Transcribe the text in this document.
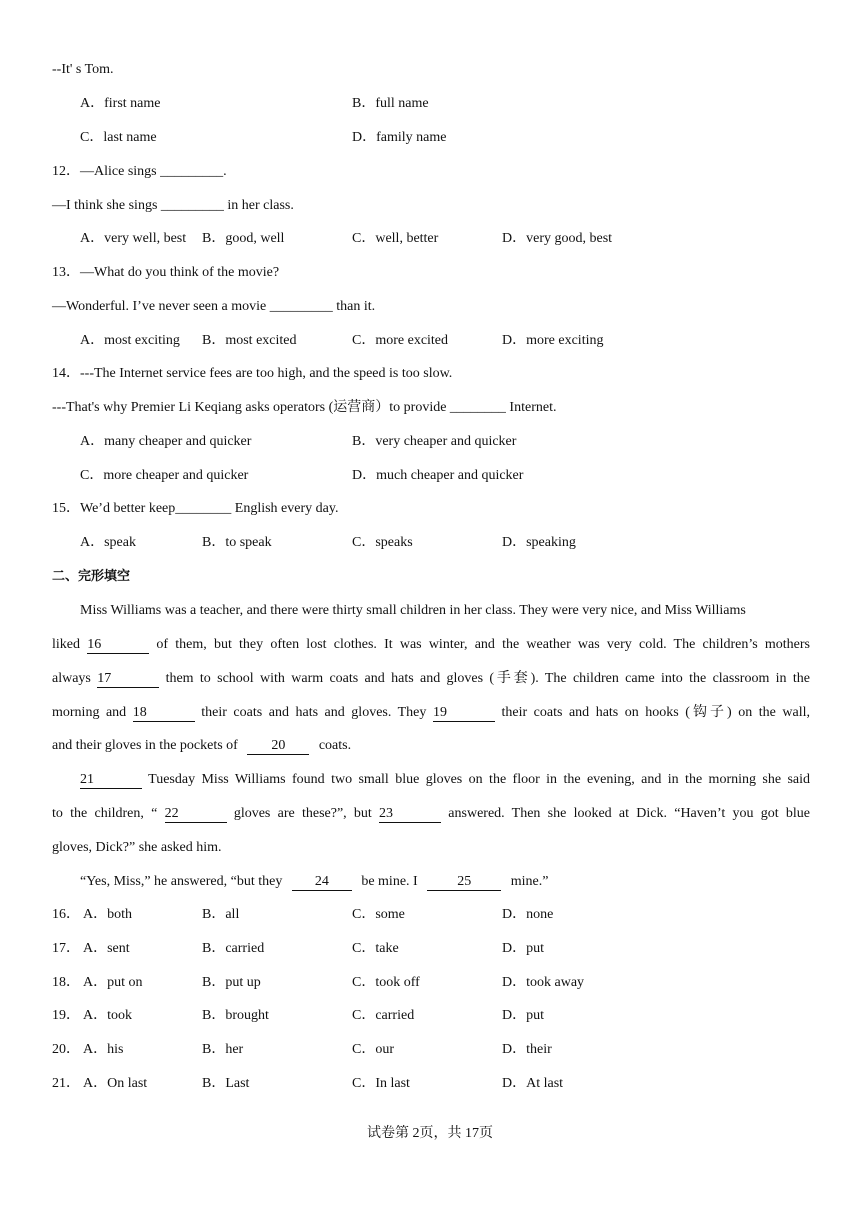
--It' s Tom.
A．first name	B．full name
C．last name	D．family name
12．—Alice sings _________.
—I think she sings _________ in her class.
A．very well, best B．good, well	C．well, better	D．very good, best
13．—What do you think of the movie?
—Wonderful. I’ve never seen a movie _________ than it.
A．most exciting B．most excited	C．more excited	D．more exciting
14．---The Internet service fees are too high, and the speed is too slow.
---That's why Premier Li Keqiang asks operators (运营商）to provide ________ Internet.
A．many cheaper and quicker	B．very cheaper and quicker
C．more cheaper and quicker	D．much cheaper and quicker
15．We’d better keep________ English every day.
A．speak	B．to speak	C．speaks	D．speaking
二、完形填空
Miss Williams was a teacher, and there were thirty small children in her class. They were very nice, and Miss Williams
liked 16	of them, but they often lost clothes. It was winter, and the weather was very cold. The children’s mothers
always 17	them to school with warm coats and hats and gloves (手套). The children came into the classroom in the
morning and 18	their coats and hats and gloves. They 19	their coats and hats on hooks (钩子) on the wall,
and their gloves in the pockets of 20 coats.
21	Tuesday Miss Williams found two small blue gloves on the floor in the evening, and in the morning she said
to the children, “ 22	gloves are these?”, but 23	answered. Then she looked at Dick. “Haven’t you got blue
gloves, Dick?” she asked him.
“Yes, Miss,” he answered, “but they 24 be mine. I	25	mine.”
16． A．both	B．all	C．some	D．none
17． A．sent	B．carried	C．take	D．put
18． A．put on	B．put up	C．took off	D．took away
19． A．took	B．brought	C．carried	D．put
20． A．his	B．her	C．our	D．their
21． A．On last	B．Last	C．In last	D．At last
试卷第 2页，共 17页
